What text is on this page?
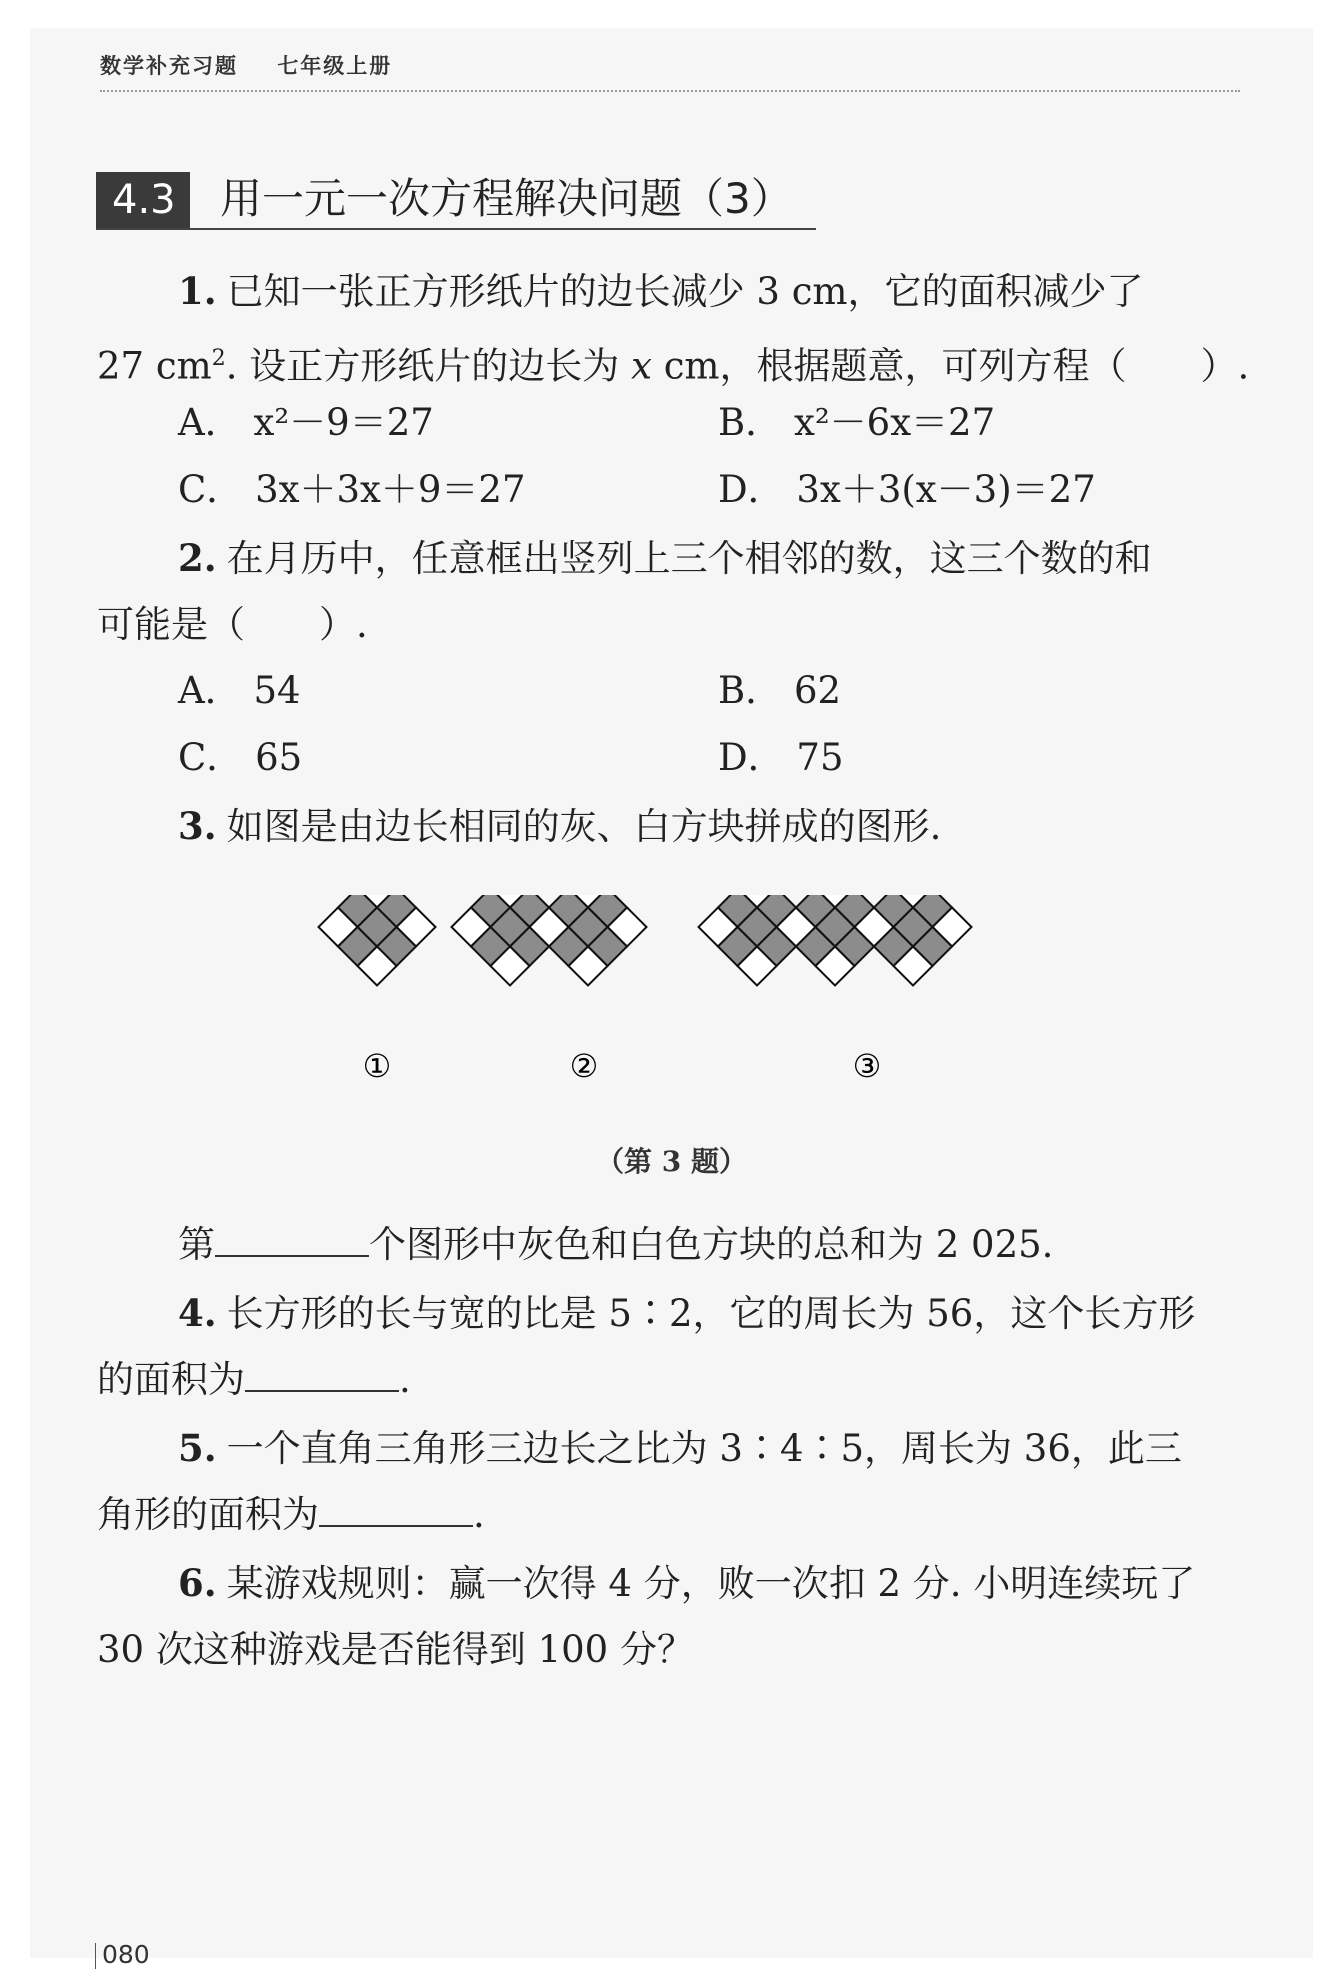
数学补充习题 七年级上册
4.3	用一元一次方程解决问题（3）
1. 已知一张正方形纸片的边长减少 3 cm，它的面积减少了
27 $cm^2$. 设正方形纸片的边长为 x cm，根据题意，可列方程（　　）.
A． x²－9＝27	B． x²－6x＝27
C． 3x＋3x＋9＝27	D． 3x＋3(x－3)＝27
2. 在月历中，任意框出竖列上三个相邻的数，这三个数的和
可能是（　　）.
A． 54	B． 62
C． 65	D． 75
3. 如图是由边长相同的灰、白方块拼成的图形.
①	②	③
（第 3 题）
第	个图形中灰色和白色方块的总和为 2 025.
4. 长方形的长与宽的比是 5∶2，它的周长为 56，这个长方形
的面积为	.
5. 一个直角三角形三边长之比为 3∶4∶5，周长为 36，此三
角形的面积为	.
6. 某游戏规则：赢一次得 4 分，败一次扣 2 分. 小明连续玩了
30 次这种游戏是否能得到 100 分？
080
